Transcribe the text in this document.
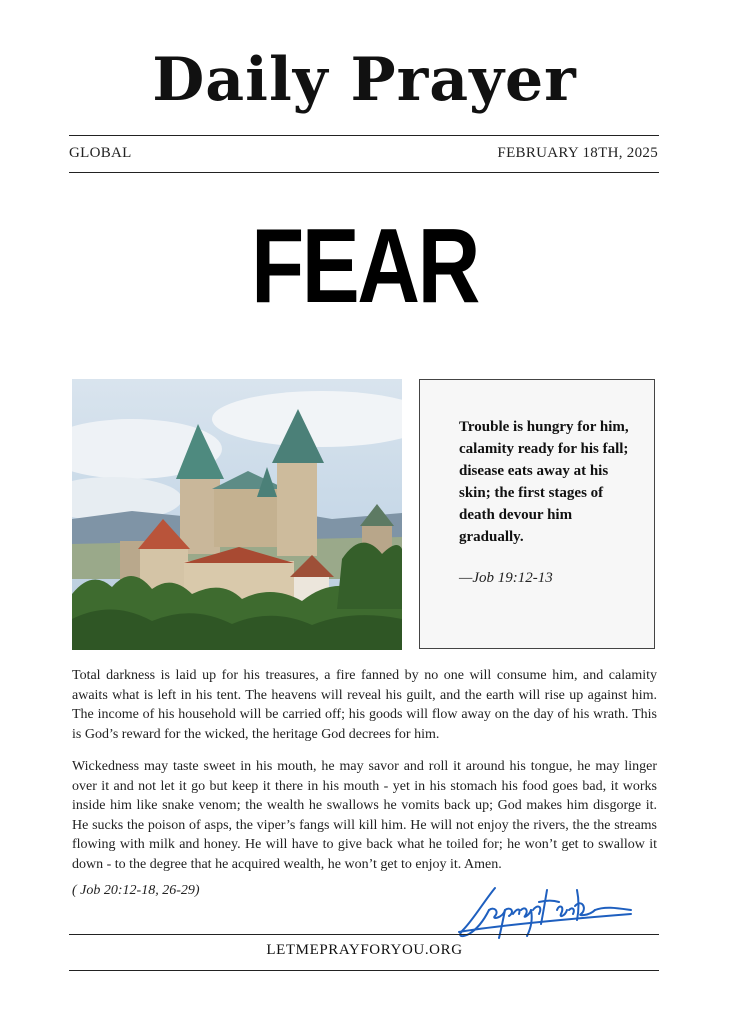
Daily Prayer
GLOBAL	FEBRUARY 18TH, 2025
FEAR
Trouble is hungry for him, calamity ready for his fall; disease eats away at his skin; the first stages of death devour him gradually.
—Job 19:12-13

Total darkness is laid up for his treasures, a fire fanned by no one will consume him, and calamity awaits what is left in his tent. The heavens will reveal his guilt, and the earth will rise up against him. The income of his household will be carried off; his goods will flow away on the day of his wrath. This is God’s reward for the wicked, the heritage God decrees for him.

Wickedness may taste sweet in his mouth, he may savor and roll it around his tongue, he may linger over it and not let it go but keep it there in his mouth - yet in his stomach his food goes bad, it works inside him like snake venom; the wealth he swallows he vomits back up; God makes him disgorge it. He sucks the poison of asps, the viper’s fangs will kill him. He will not enjoy the rivers, the the streams flowing with milk and honey. He will have to give back what he toiled for; he won’t get to swallow it down - to the degree that he acquired wealth, he won’t get to enjoy it. Amen.

( Job 20:12-18, 26-29)
LETMEPRAYFORYOU.ORG
